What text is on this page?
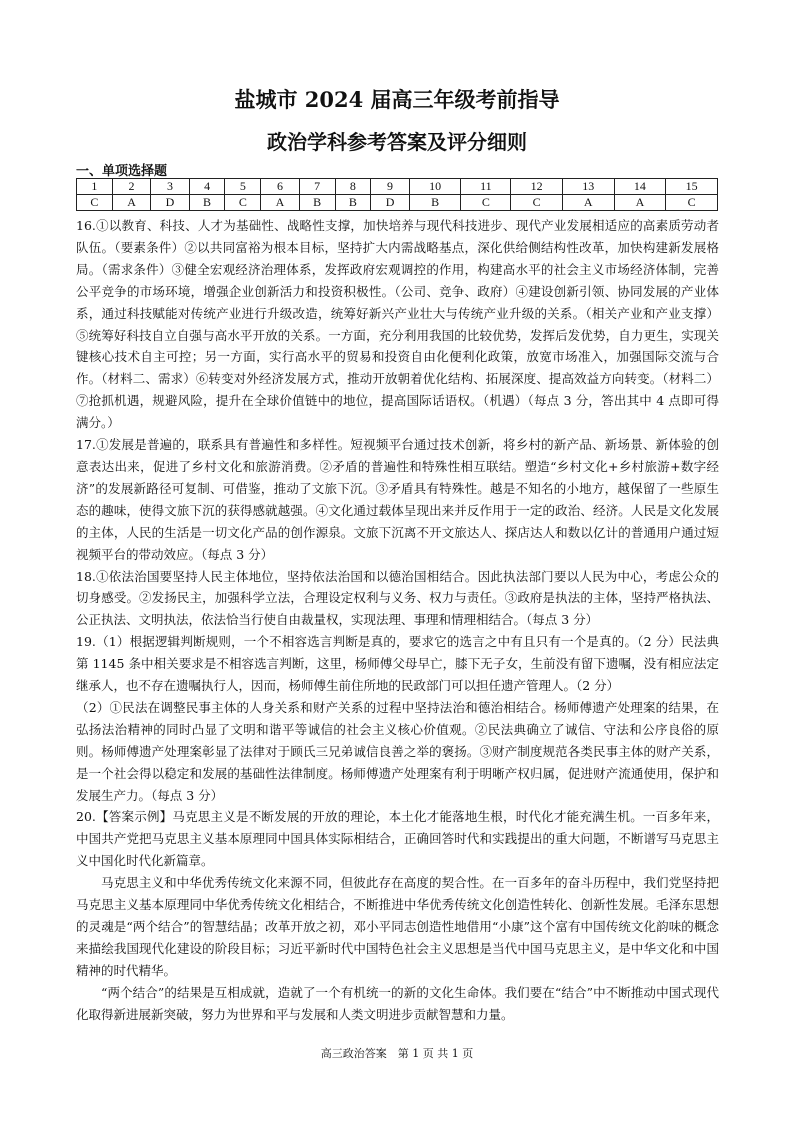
盐城市 2024 届高三年级考前指导
政治学科参考答案及评分细则
一、单项选择题
1	2	3	4	5	6	7	8	9	10	11	12	13	14	15
C	A	D	B	C	A	B	B	D	B	C	C	A	A	C

16.①以教育、科技、人才为基础性、战略性支撑，加快培养与现代科技进步、现代产业发展相适应的高素质劳动者队伍。（要素条件）②以共同富裕为根本目标，坚持扩大内需战略基点，深化供给侧结构性改革，加快构建新发展格局。（需求条件）③健全宏观经济治理体系，发挥政府宏观调控的作用，构建高水平的社会主义市场经济体制，完善公平竞争的市场环境，增强企业创新活力和投资积极性。（公司、竞争、政府）④建设创新引领、协同发展的产业体系，通过科技赋能对传统产业进行升级改造，统筹好新兴产业壮大与传统产业升级的关系。（相关产业和产业支撑）⑤统筹好科技自立自强与高水平开放的关系。一方面，充分利用我国的比较优势，发挥后发优势，自力更生，实现关键核心技术自主可控；另一方面，实行高水平的贸易和投资自由化便利化政策，放宽市场准入，加强国际交流与合作。（材料二、需求）⑥转变对外经济发展方式，推动开放朝着优化结构、拓展深度、提高效益方向转变。（材料二）⑦抢抓机遇，规避风险，提升在全球价值链中的地位，提高国际话语权。（机遇）（每点 3 分，答出其中 4 点即可得满分。）

17.①发展是普遍的，联系具有普遍性和多样性。短视频平台通过技术创新，将乡村的新产品、新场景、新体验的创意表达出来，促进了乡村文化和旅游消费。②矛盾的普遍性和特殊性相互联结。塑造“乡村文化+乡村旅游+数字经济”的发展新路径可复制、可借鉴，推动了文旅下沉。③矛盾具有特殊性。越是不知名的小地方，越保留了一些原生态的趣味，使得文旅下沉的获得感就越强。④文化通过载体呈现出来并反作用于一定的政治、经济。人民是文化发展的主体，人民的生活是一切文化产品的创作源泉。文旅下沉离不开文旅达人、探店达人和数以亿计的普通用户通过短视频平台的带动效应。（每点 3 分）

18.①依法治国要坚持人民主体地位，坚持依法治国和以德治国相结合。因此执法部门要以人民为中心，考虑公众的切身感受。②发扬民主，加强科学立法，合理设定权利与义务、权力与责任。③政府是执法的主体，坚持严格执法、公正执法、文明执法，依法恰当行使自由裁量权，实现法理、事理和情理相结合。（每点 3 分）

19.（1）根据逻辑判断规则，一个不相容选言判断是真的，要求它的选言之中有且只有一个是真的。（2 分）民法典第 1145 条中相关要求是不相容选言判断，这里，杨师傅父母早亡，膝下无子女，生前没有留下遗嘱，没有相应法定继承人，也不存在遗嘱执行人，因而，杨师傅生前住所地的民政部门可以担任遗产管理人。（2 分）

（2）①民法在调整民事主体的人身关系和财产关系的过程中坚持法治和德治相结合。杨师傅遗产处理案的结果，在弘扬法治精神的同时凸显了文明和谐平等诚信的社会主义核心价值观。②民法典确立了诚信、守法和公序良俗的原则。杨师傅遗产处理案彰显了法律对于顾氏三兄弟诚信良善之举的褒扬。③财产制度规范各类民事主体的财产关系，是一个社会得以稳定和发展的基础性法律制度。杨师傅遗产处理案有利于明晰产权归属，促进财产流通使用，保护和发展生产力。（每点 3 分）

20.【答案示例】马克思主义是不断发展的开放的理论，本土化才能落地生根，时代化才能充满生机。一百多年来，中国共产党把马克思主义基本原理同中国具体实际相结合，正确回答时代和实践提出的重大问题，不断谱写马克思主义中国化时代化新篇章。

马克思主义和中华优秀传统文化来源不同，但彼此存在高度的契合性。在一百多年的奋斗历程中，我们党坚持把马克思主义基本原理同中华优秀传统文化相结合，不断推进中华优秀传统文化创造性转化、创新性发展。毛泽东思想的灵魂是“两个结合”的智慧结晶；改革开放之初，邓小平同志创造性地借用“小康”这个富有中国传统文化韵味的概念来描绘我国现代化建设的阶段目标；习近平新时代中国特色社会主义思想是当代中国马克思主义，是中华文化和中国精神的时代精华。

“两个结合”的结果是互相成就，造就了一个有机统一的新的文化生命体。我们要在“结合”中不断推动中国式现代化取得新进展新突破，努力为世界和平与发展和人类文明进步贡献智慧和力量。

高三政治答案　第 1 页 共 1 页
